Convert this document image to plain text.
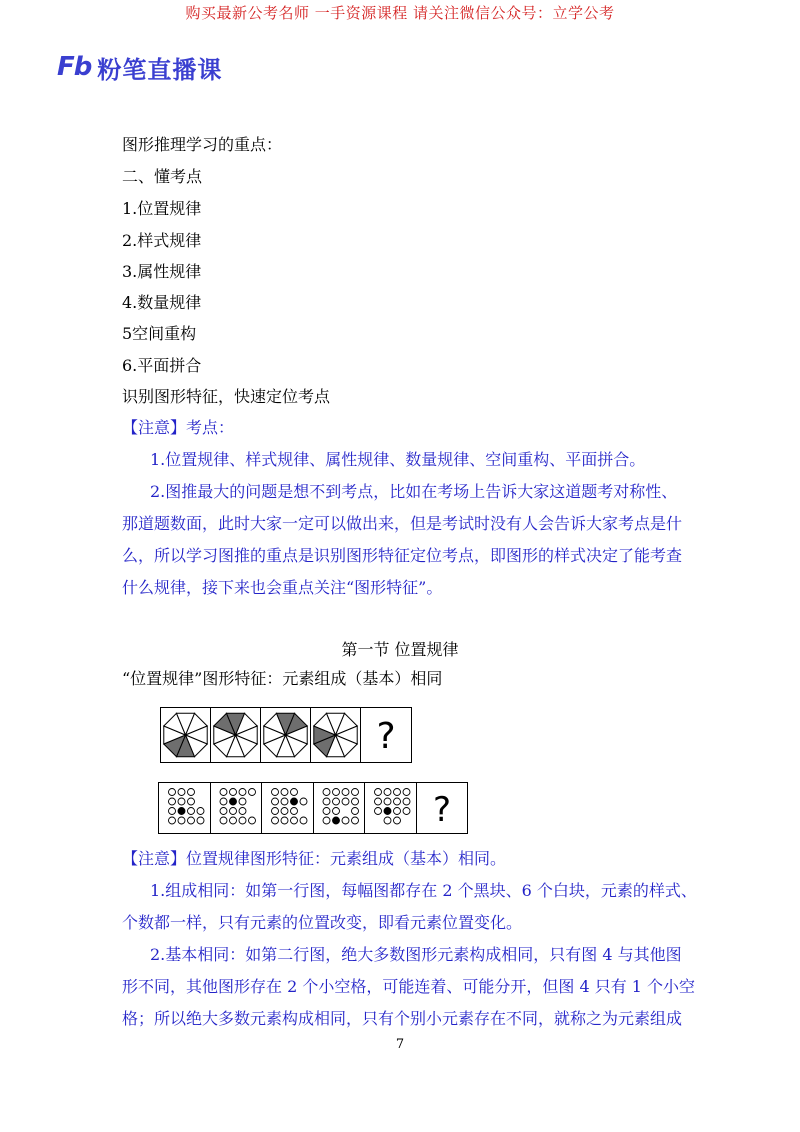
购买最新公考名师 一手资源课程 请关注微信公众号：立学公考
Fb 粉笔直播课
图形推理学习的重点：
二、懂考点
1.位置规律
2.样式规律
3.属性规律
4.数量规律
5空间重构
6.平面拼合
识别图形特征，快速定位考点
【注意】考点：
1.位置规律、样式规律、属性规律、数量规律、空间重构、平面拼合。
2.图推最大的问题是想不到考点，比如在考场上告诉大家这道题考对称性、
那道题数面，此时大家一定可以做出来，但是考试时没有人会告诉大家考点是什
么，所以学习图推的重点是识别图形特征定位考点，即图形的样式决定了能考查
什么规律，接下来也会重点关注“图形特征”。
第一节 位置规律
“位置规律”图形特征：元素组成（基本）相同
?
?
【注意】位置规律图形特征：元素组成（基本）相同。
1.组成相同：如第一行图，每幅图都存在 2 个黑块、6 个白块，元素的样式、
个数都一样，只有元素的位置改变，即看元素位置变化。
2.基本相同：如第二行图，绝大多数图形元素构成相同，只有图 4 与其他图
形不同，其他图形存在 2 个小空格，可能连着、可能分开，但图 4 只有 1 个小空
格；所以绝大多数元素构成相同，只有个别小元素存在不同，就称之为元素组成
7
